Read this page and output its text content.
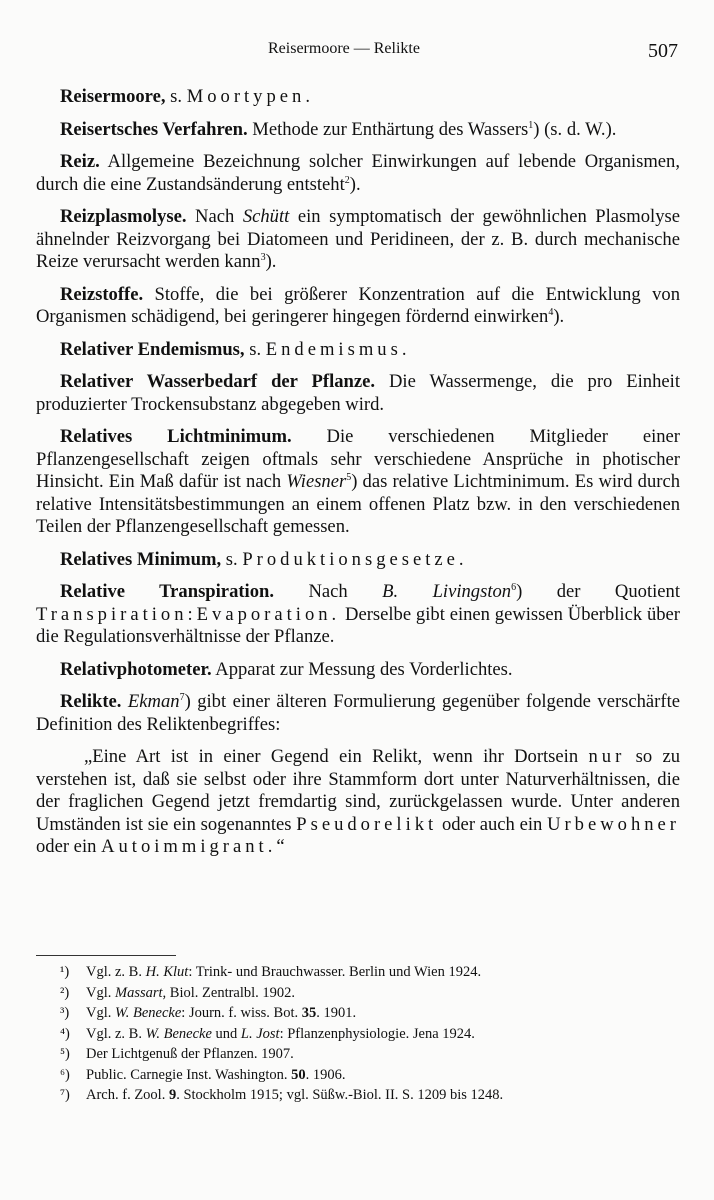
Reisermoore — Relikte	507

Reisermoore, s. Moortypen.

Reisertsches Verfahren. Methode zur Enthärtung des Wassers$^1$) (s. d. W.).

Reiz. Allgemeine Bezeichnung solcher Einwirkungen auf lebende Organismen, durch die eine Zustandsänderung entsteht$^2$).

Reizplasmolyse. Nach Schütt ein symptomatisch der gewöhnlichen Plasmolyse ähnelnder Reizvorgang bei Diatomeen und Peridineen, der z. B. durch mechanische Reize verursacht werden kann$^3$).

Reizstoffe. Stoffe, die bei größerer Konzentration auf die Entwicklung von Organismen schädigend, bei geringerer hingegen fördernd einwirken$^4$).

Relativer Endemismus, s. Endemismus.

Relativer Wasserbedarf der Pflanze. Die Wassermenge, die pro Einheit produzierter Trockensubstanz abgegeben wird.

Relatives Lichtminimum. Die verschiedenen Mitglieder einer Pflanzengesellschaft zeigen oftmals sehr verschiedene Ansprüche in photischer Hinsicht. Ein Maß dafür ist nach Wiesner$^5$) das relative Lichtminimum. Es wird durch relative Intensitätsbestimmungen an einem offenen Platz bzw. in den verschiedenen Teilen der Pflanzengesellschaft gemessen.

Relatives Minimum, s. Produktionsgesetze.

Relative Transpiration. Nach B. Livingston$^6$) der Quotient Transpiration:Evaporation. Derselbe gibt einen gewissen Überblick über die Regulationsverhältnisse der Pflanze.

Relativphotometer. Apparat zur Messung des Vorderlichtes.

Relikte. Ekman$^7$) gibt einer älteren Formulierung gegenüber folgende verschärfte Definition des Reliktenbegriffes:

„Eine Art ist in einer Gegend ein Relikt, wenn ihr Dortsein nur so zu verstehen ist, daß sie selbst oder ihre Stammform dort unter Naturverhältnissen, die der fraglichen Gegend jetzt fremdartig sind, zurückgelassen wurde. Unter anderen Umständen ist sie ein sogenanntes Pseudorelikt oder auch ein Urbewohner oder ein Autoimmigrant.“

¹) Vgl. z. B. H. Klut: Trink- und Brauchwasser. Berlin und Wien 1924.
²) Vgl. Massart, Biol. Zentralbl. 1902.
³) Vgl. W. Benecke: Journ. f. wiss. Bot. 35. 1901.
⁴) Vgl. z. B. W. Benecke und L. Jost: Pflanzenphysiologie. Jena 1924.
⁵) Der Lichtgenuß der Pflanzen. 1907.
⁶) Public. Carnegie Inst. Washington. 50. 1906.
⁷) Arch. f. Zool. 9. Stockholm 1915; vgl. Süßw.-Biol. II. S. 1209 bis 1248.
